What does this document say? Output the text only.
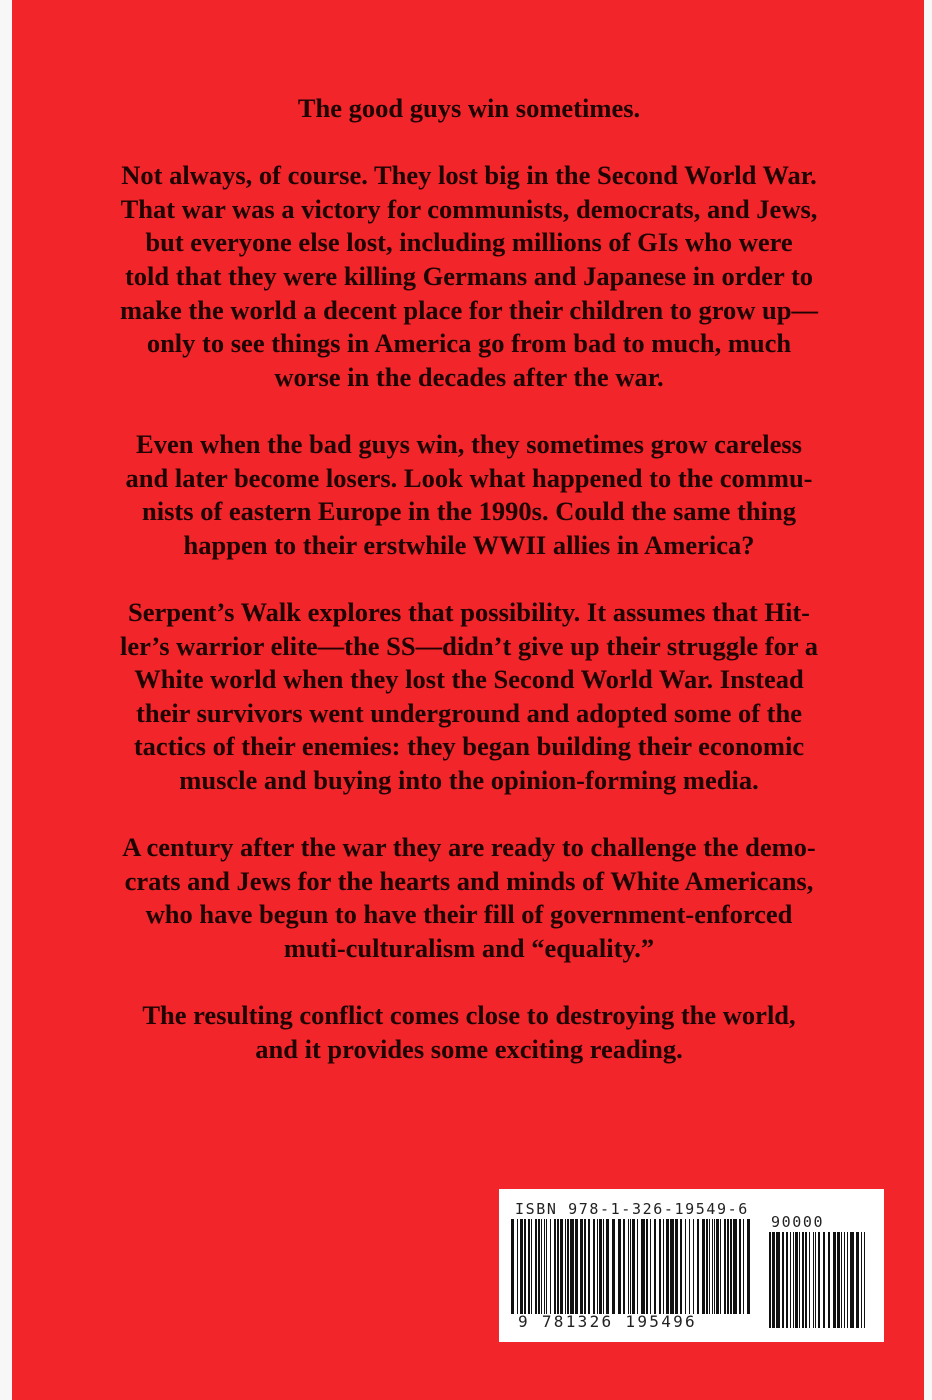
The good guys win sometimes.

Not always, of course. They lost big in the Second World War.
That war was a victory for communists, democrats, and Jews,
but everyone else lost, including millions of GIs who were
told that they were killing Germans and Japanese in order to
make the world a decent place for their children to grow up—
only to see things in America go from bad to much, much
worse in the decades after the war.

Even when the bad guys win, they sometimes grow careless
and later become losers. Look what happened to the commu-
nists of eastern Europe in the 1990s. Could the same thing
happen to their erstwhile WWII allies in America?

Serpent’s Walk explores that possibility. It assumes that Hit-
ler’s warrior elite—the SS—didn’t give up their struggle for a
White world when they lost the Second World War. Instead
their survivors went underground and adopted some of the
tactics of their enemies: they began building their economic
muscle and buying into the opinion-forming media.

A century after the war they are ready to challenge the demo-
crats and Jews for the hearts and minds of White Americans,
who have begun to have their fill of government-enforced
muti-culturalism and “equality.”

The resulting conflict comes close to destroying the world,
and it provides some exciting reading.

ISBN 978-1-326-19549-6
90000
9 781326 195496
